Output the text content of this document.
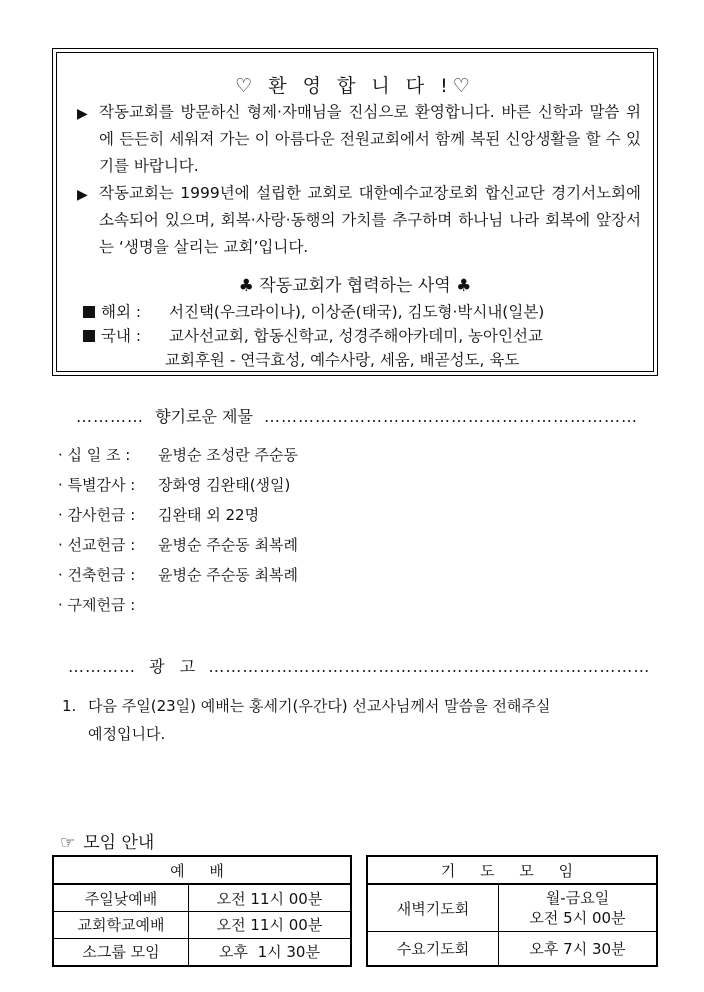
♡ 환 영 합 니 다 !♡
▶ 작동교회를 방문하신 형제·자매님을 진심으로 환영합니다. 바른 신학과 말씀 위에 든든히 세워져 가는 이 아름다운 전원교회에서 함께 복된 신앙생활을 할 수 있기를 바랍니다.
▶ 작동교회는 1999년에 설립한 교회로 대한예수교장로회 합신교단 경기서노회에 소속되어 있으며, 회복·사랑·동행의 가치를 추구하며 하나님 나라 회복에 앞장서는 ‘생명을 살리는 교회’입니다.
♣ 작동교회가 협력하는 사역 ♣
해외 : 서진택(우크라이나), 이상준(태국), 김도형·박시내(일본)
국내 : 교사선교회, 합동신학교, 성경주해아카데미, 농아인선교
교회후원 - 연극효성, 예수사랑, 세움, 배곧성도, 육도
………… 향기로운 제물 …………………………………………………………
· 십 일 조 : 윤병순 조성란 주순동
· 특별감사 : 장화영 김완태(생일)
· 감사헌금 : 김완태 외 22명
· 선교헌금 : 윤병순 주순동 최복례
· 건축헌금 : 윤병순 주순동 최복례
· 구제헌금 :
………… 광   고 ……………………………………………………………………
1. 다음 주일(23일) 예배는 홍세기(우간다) 선교사님께서 말씀을 전해주실
예정입니다.
☞ 모임 안내
예 배	
주일낮예배	오전 11시 00분
교회학교예배	오전 11시 00분
소그룹 모임	오후  1시 30분
기 도 모 임	
새벽기도회	월-금요일
오전 5시 00분

수요기도회	오후 7시 30분
